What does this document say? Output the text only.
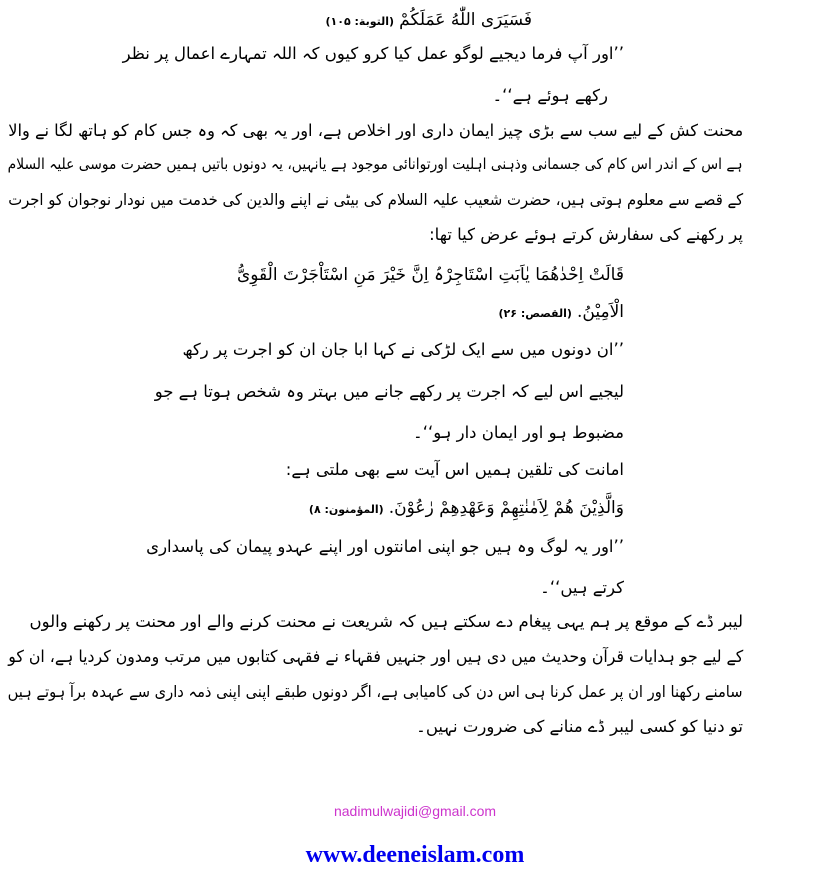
فَسَيَرَى اللّٰهُ عَمَلَكُمْ (التوبة: ۱۰۵)
’’اور آپ فرما دیجیے لوگو عمل کیا کرو کیوں کہ اللہ تمہارے اعمال پر نظر
رکھے ہوئے ہے‘‘۔
محنت کش کے لیے سب سے بڑی چیز ایمان داری اور اخلاص ہے، اور یہ بھی کہ وہ جس کام کو ہاتھ لگا نے والا
ہے اس کے اندر اس کام کی جسمانی وذہنی اہلیت اورتوانائی موجود ہے یانہیں، یہ دونوں باتیں ہمیں حضرت موسی علیہ السلام
کے قصے سے معلوم ہوتی ہیں، حضرت شعیب علیہ السلام کی بیٹی نے اپنے والدین کی خدمت میں نودار نوجوان کو اجرت
پر رکھنے کی سفارش کرتے ہوئے عرض کیا تھا:
قَالَتْ اِحْدٰھُمَا یٰاَبَتِ اسْتَاجِرْہُ اِنَّ خَیْرَ مَنِ اسْتَاْجَرْتَ الْقَوِیُّ
الْاَمِیْنُ. (القصص: ۲۶)
’’ان دونوں میں سے ایک لڑکی نے کہا ابا جان ان کو اجرت پر رکھ
لیجیے اس لیے کہ اجرت پر رکھے جانے میں بہتر وہ شخص ہوتا ہے جو
مضبوط ہو اور ایمان دار ہو‘‘۔
امانت کی تلقین ہمیں اس آیت سے بھی ملتی ہے:
وَالَّذِیْنَ ھُمْ لِاَمٰنٰتِھِمْ وَعَھْدِھِمْ رٰعُوْنَ. (المؤمنون: ۸)
’’اور یہ لوگ وہ ہیں جو اپنی امانتوں اور اپنے عہدو پیمان کی پاسداری
کرتے ہیں‘‘۔
لیبر ڈے کے موقع پر ہم یہی پیغام دے سکتے ہیں کہ شریعت نے محنت کرنے والے اور محنت پر رکھنے والوں
کے لیے جو ہدایات قرآن وحدیث میں دی ہیں اور جنہیں فقہاء نے فقہی کتابوں میں مرتب ومدون کردیا ہے، ان کو
سامنے رکھنا اور ان پر عمل کرنا ہی اس دن کی کامیابی ہے، اگر دونوں طبقے اپنی اپنی ذمہ داری سے عہدہ برآ ہوتے ہیں
تو دنیا کو کسی لیبر ڈے منانے کی ضرورت نہیں۔
nadimulwajidi@gmail.com
www.deeneislam.com
